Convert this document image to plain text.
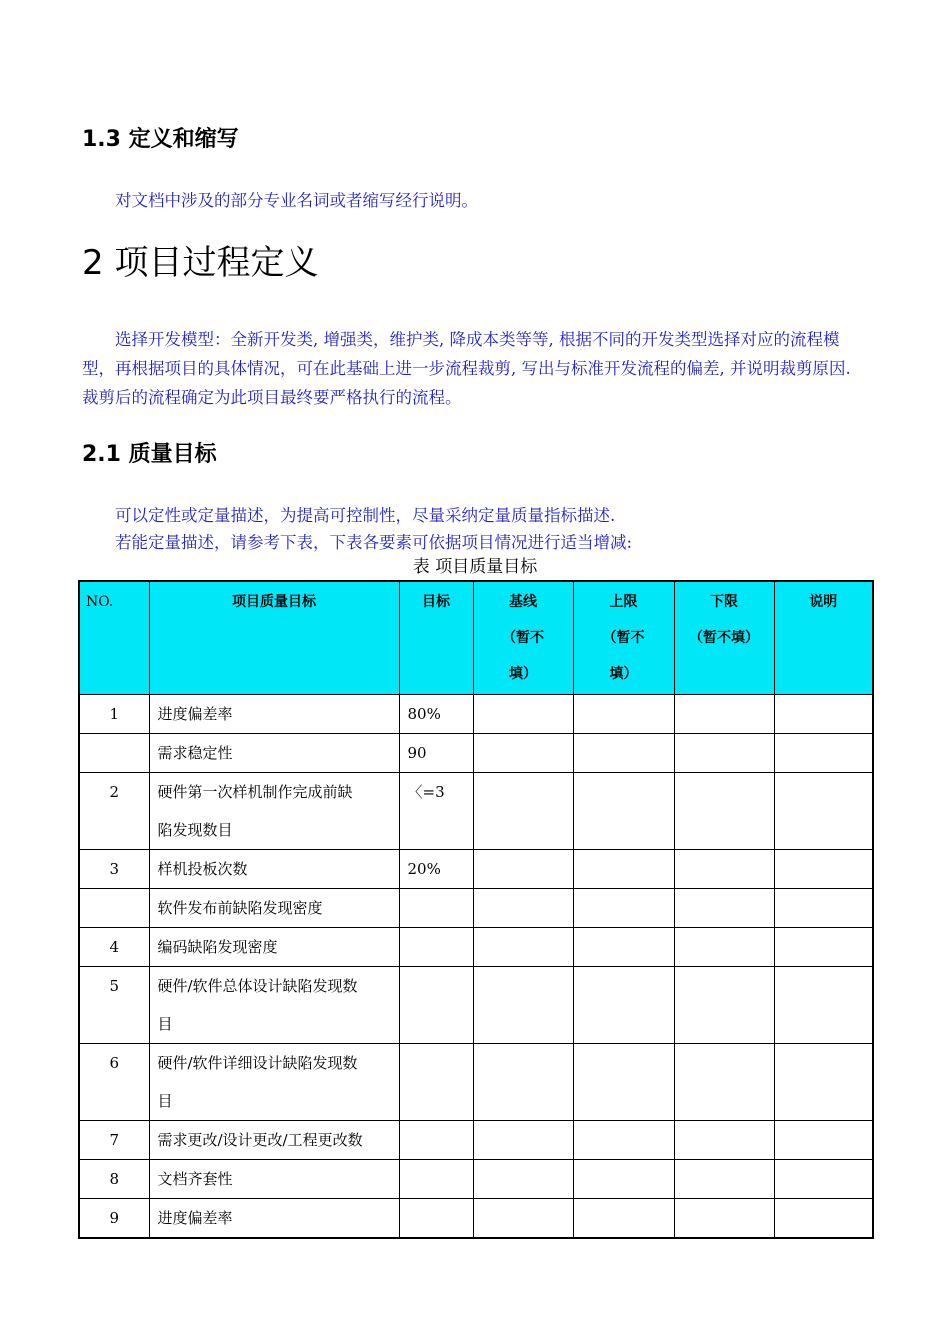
1.3 定义和缩写

对文档中涉及的部分专业名词或者缩写经行说明。

2 项目过程定义

选择开发模型：全新开发类, 增强类，维护类, 降成本类等等, 根据不同的开发类型选择对应的流程模型，再根据项目的具体情况，可在此基础上进一步流程裁剪, 写出与标准开发流程的偏差, 并说明裁剪原因. 裁剪后的流程确定为此项目最终要严格执行的流程。

2.1 质量目标

可以定性或定量描述，为提高可控制性，尽量采纳定量质量指标描述.

若能定量描述，请参考下表，下表各要素可依据项目情况进行适当增减:

表 项目质量目标
NO.	项目质量目标	目标	基线
（暂不
填）	上限
（暂不
填）	下限
（暂不填）	说明
1	进度偏差率	80%				
	需求稳定性	90				
2	硬件第一次样机制作完成前缺
陷发现数目	〈=3				
3	样机投板次数	20%				
	软件发布前缺陷发现密度					
4	编码缺陷发现密度					
5	硬件/软件总体设计缺陷发现数
目					

6	硬件/软件详细设计缺陷发现数
目					

7	需求更改/设计更改/工程更改数					
8	文档齐套性					
9	进度偏差率					
